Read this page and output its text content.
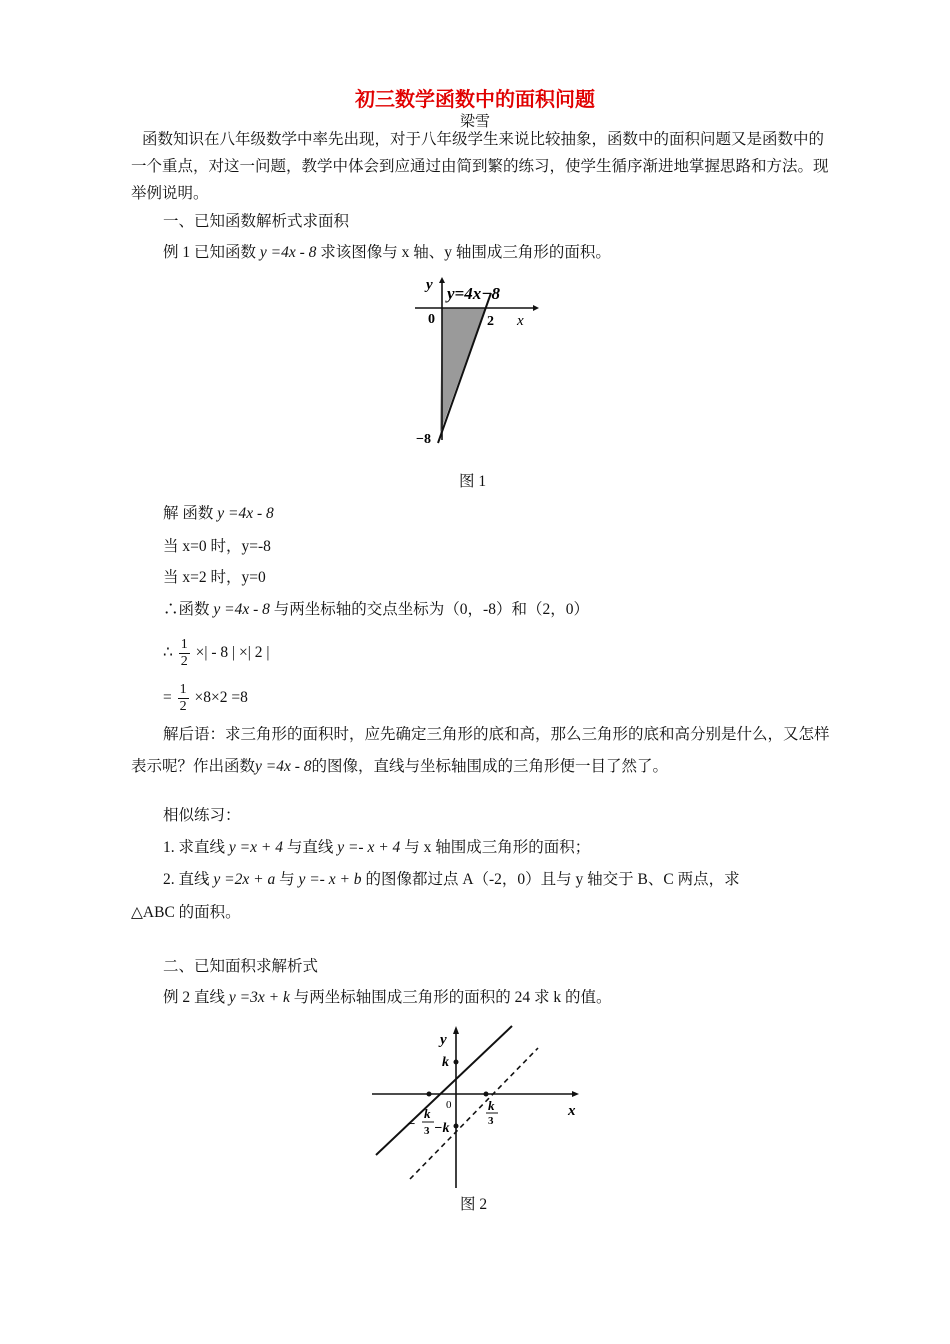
初三数学函数中的面积问题
梁雪
函数知识在八年级数学中率先出现，对于八年级学生来说比较抽象，函数中的面积问题又是函数中的一个重点，对这一问题，教学中体会到应通过由简到繁的练习，使学生循序渐进地掌握思路和方法。现举例说明。
一、已知函数解析式求面积
例 1 已知函数 y =4x - 8 求该图像与 x 轴、y 轴围成三角形的面积。
y=4x−8
y
x
0	2
−8
图 1
解 函数 y =4x - 8
当 x=0 时，y=-8
当 x=2 时，y=0
∴函数 y =4x - 8 与两坐标轴的交点坐标为（0，-8）和（2，0）
∴ $\frac{1}{2}$ ×| - 8 | ×| 2 |
= $\frac{1}{2} \times 8\times 2 =8$
解后语：求三角形的面积时，应先确定三角形的底和高，那么三角形的底和高分别是什么，又怎样表示呢？作出函数y =4x - 8的图像，直线与坐标轴围成的三角形便一目了然了。
相似练习：
1. 求直线 y =x + 4 与直线 y =- x + 4 与 x 轴围成三角形的面积；
2. 直线 y =2x + a 与 y =- x + b 的图像都过点 A（-2，0）且与 y 轴交于 B、C 两点，求
△ABC 的面积。
二、已知面积求解析式
例 2 直线 y =3x + k 与两坐标轴围成三角形的面积的 24 求 k 的值。
y
x
k
0
−
k
3 −k
k
3
图 2
